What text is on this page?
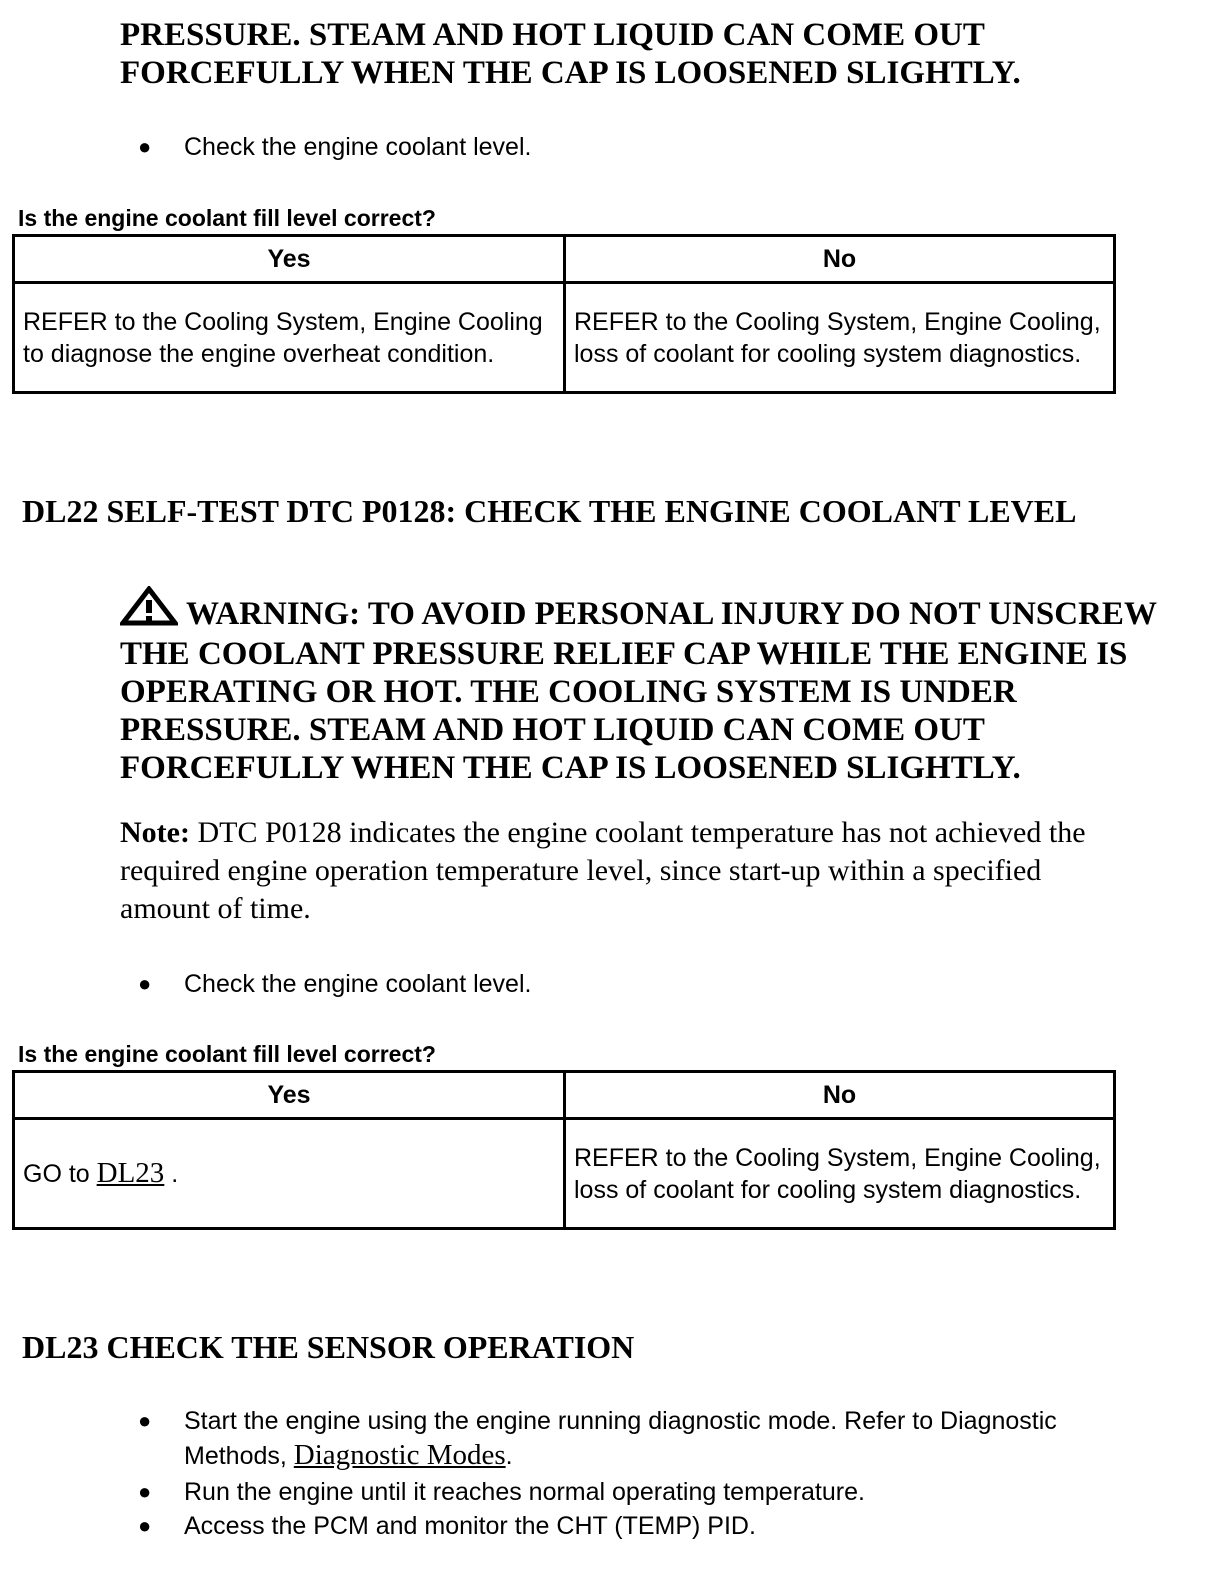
PRESSURE. STEAM AND HOT LIQUID CAN COME OUT

FORCEFULLY WHEN THE CAP IS LOOSENED SLIGHTLY.

● Check the engine coolant level.

Is the engine coolant fill level correct?

Yes	No
REFER to the Cooling System, Engine Cooling to diagnose the engine overheat condition.	REFER to the Cooling System, Engine Cooling, loss of coolant for cooling system diagnostics.
DL22 SELF-TEST DTC P0128: CHECK THE ENGINE COOLANT LEVEL

WARNING: TO AVOID PERSONAL INJURY DO NOT UNSCREW

THE COOLANT PRESSURE RELIEF CAP WHILE THE ENGINE IS

OPERATING OR HOT. THE COOLING SYSTEM IS UNDER

PRESSURE. STEAM AND HOT LIQUID CAN COME OUT

FORCEFULLY WHEN THE CAP IS LOOSENED SLIGHTLY.

Note: DTC P0128 indicates the engine coolant temperature has not achieved the

required engine operation temperature level, since start-up within a specified

amount of time.

● Check the engine coolant level.

Is the engine coolant fill level correct?

Yes	No
GO to DL23 .	REFER to the Cooling System, Engine Cooling, loss of coolant for cooling system diagnostics.
DL23 CHECK THE SENSOR OPERATION
● Start the engine using the engine running diagnostic mode. Refer to Diagnostic
Methods, Diagnostic Modes.
● Run the engine until it reaches normal operating temperature.
● Access the PCM and monitor the CHT (TEMP) PID.
